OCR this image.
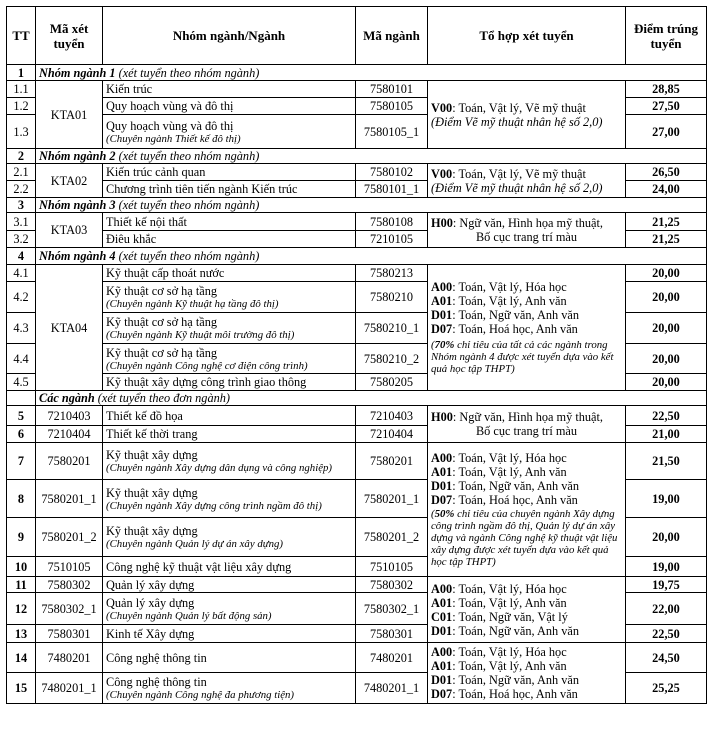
TT	Mã xét tuyển	Nhóm ngành/Ngành	Mã ngành	Tổ hợp xét tuyển	Điểm trúng tuyển
1	Nhóm ngành 1 (xét tuyển theo nhóm ngành)				
1.1	KTA01	Kiến trúc	7580101	V00: Toán, Vật lý, Vẽ mỹ thuật
(Điểm Vẽ mỹ thuật nhân hệ số 2,0)	28,85
1.2		Quy hoạch vùng và đô thị	7580105		27,50
1.3		Quy hoạch vùng và đô thị
(Chuyên ngành Thiết kế đô thị)	7580105_1		27,00
2	Nhóm ngành 2 (xét tuyển theo nhóm ngành)				
2.1	KTA02	Kiến trúc cảnh quan	7580102	V00: Toán, Vật lý, Vẽ mỹ thuật
(Điểm Vẽ mỹ thuật nhân hệ số 2,0)	26,50
2.2		Chương trình tiên tiến ngành Kiến trúc	7580101_1		24,00
3	Nhóm ngành 3 (xét tuyển theo nhóm ngành)				
3.1	KTA03	Thiết kế nội thất	7580108	H00: Ngữ văn, Hình họa mỹ thuật,
Bố cục trang trí màu	21,25
3.2		Điêu khắc	7210105		21,25
4	Nhóm ngành 4 (xét tuyển theo nhóm ngành)				
4.1	KTA04	Kỹ thuật cấp thoát nước	7580213	A00: Toán, Vật lý, Hóa học
A01: Toán, Vật lý, Anh văn
D01: Toán, Ngữ văn, Anh văn
D07: Toán, Hoá học, Anh văn
(70% chỉ tiêu của tất cả các ngành trong Nhóm ngành 4 được xét tuyển dựa vào kết quả học tập THPT)	20,00
4.2		Kỹ thuật cơ sở hạ tầng
(Chuyên ngành Kỹ thuật hạ tầng đô thị)	7580210		20,00
4.3		Kỹ thuật cơ sở hạ tầng
(Chuyên ngành Kỹ thuật môi trường đô thị)	7580210_1		20,00
4.4		Kỹ thuật cơ sở hạ tầng
(Chuyên ngành Công nghệ cơ điện công trình)	7580210_2		20,00
4.5		Kỹ thuật xây dựng công trình giao thông	7580205		20,00
	Các ngành (xét tuyển theo đơn ngành)				
5	7210403	Thiết kế đồ họa	7210403	H00: Ngữ văn, Hình họa mỹ thuật,
Bố cục trang trí màu	22,50
6	7210404	Thiết kế thời trang	7210404		21,00
7	7580201	Kỹ thuật xây dựng
(Chuyên ngành Xây dựng dân dụng và công nghiệp)	7580201	A00: Toán, Vật lý, Hóa học
A01: Toán, Vật lý, Anh văn
D01: Toán, Ngữ văn, Anh văn
D07: Toán, Hoá học, Anh văn
(50% chỉ tiêu của chuyên ngành Xây dựng công trình ngầm đô thị, Quản lý dự án xây dựng và ngành Công nghệ kỹ thuật vật liệu xây dựng được xét tuyển dựa vào kết quả học tập THPT)	21,50
8	7580201_1	Kỹ thuật xây dựng
(Chuyên ngành Xây dựng công trình ngầm đô thị)	7580201_1		19,00
9	7580201_2	Kỹ thuật xây dựng
(Chuyên ngành Quản lý dự án xây dựng)	7580201_2		20,00
10	7510105	Công nghệ kỹ thuật vật liệu xây dựng	7510105		19,00
11	7580302	Quản lý xây dựng	7580302	A00: Toán, Vật lý, Hóa học
A01: Toán, Vật lý, Anh văn
C01: Toán, Ngữ văn, Vật lý
D01: Toán, Ngữ văn, Anh văn	19,75
12	7580302_1	Quản lý xây dựng
(Chuyên ngành Quản lý bất động sản)	7580302_1		22,00
13	7580301	Kinh tế Xây dựng	7580301		22,50
14	7480201	Công nghệ thông tin	7480201	A00: Toán, Vật lý, Hóa học
A01: Toán, Vật lý, Anh văn
D01: Toán, Ngữ văn, Anh văn
D07: Toán, Hoá học, Anh văn	24,50
15	7480201_1	Công nghệ thông tin
(Chuyên ngành Công nghệ đa phương tiện)	7480201_1		25,25
